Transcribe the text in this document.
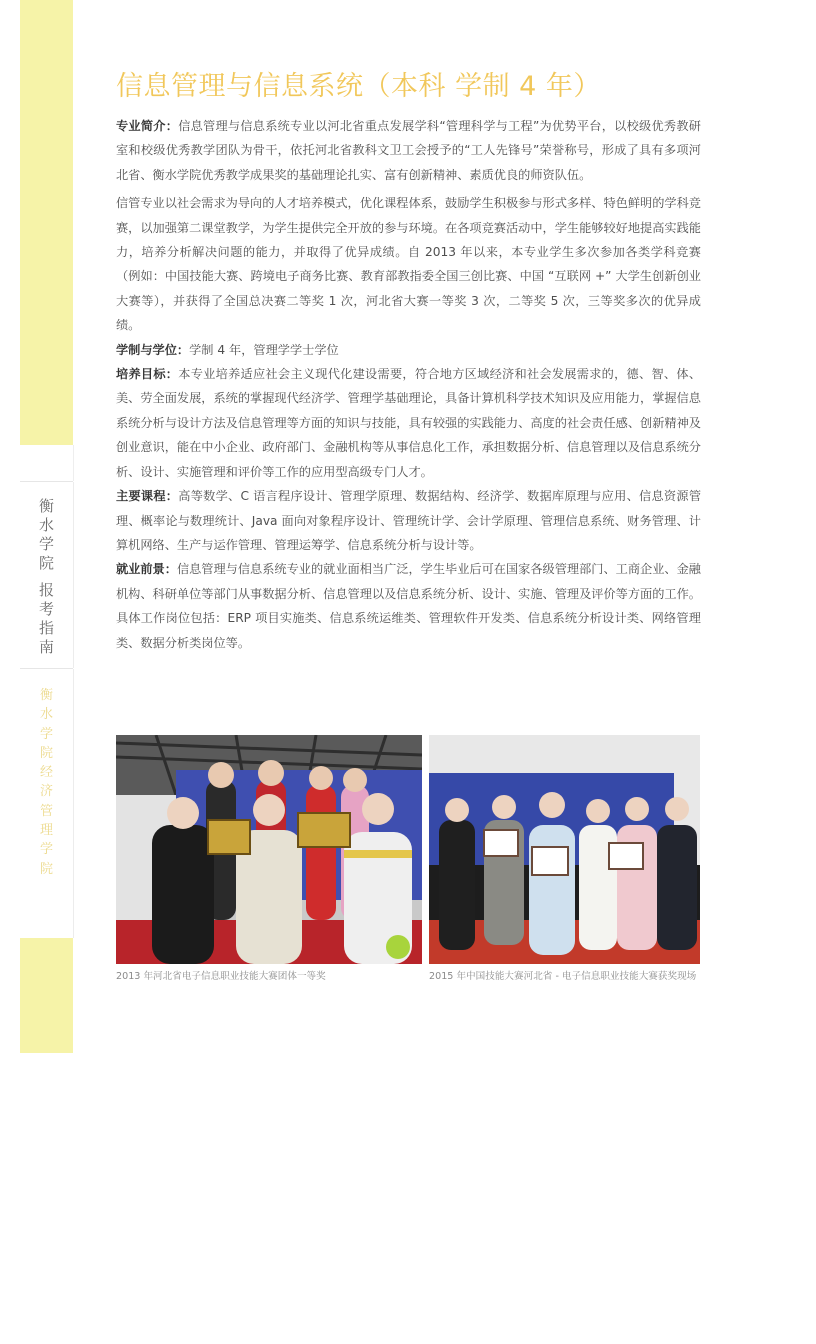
衡
水
学
院
报
考
指
南
衡
水
学
院
经
济
管
理
学
院
信息管理与信息系统（本科 学制 4 年）

专业简介：信息管理与信息系统专业以河北省重点发展学科“管理科学与工程”为优势平台，以校级优秀教研室和校级优秀教学团队为骨干，依托河北省教科文卫工会授予的“工人先锋号”荣誉称号，形成了具有多项河北省、衡水学院优秀教学成果奖的基础理论扎实、富有创新精神、素质优良的师资队伍。

信管专业以社会需求为导向的人才培养模式，优化课程体系，鼓励学生积极参与形式多样、特色鲜明的学科竞赛，以加强第二课堂教学，为学生提供完全开放的参与环境。在各项竞赛活动中，学生能够较好地提高实践能力，培养分析解决问题的能力，并取得了优异成绩。自 2013 年以来，本专业学生多次参加各类学科竞赛（例如：中国技能大赛、跨境电子商务比赛、教育部教指委全国三创比赛、中国 “互联网 +” 大学生创新创业大赛等），并获得了全国总决赛二等奖 1 次，河北省大赛一等奖 3 次，二等奖 5 次，三等奖多次的优异成绩。

学制与学位：学制 4 年，管理学学士学位

培养目标：本专业培养适应社会主义现代化建设需要，符合地方区域经济和社会发展需求的，德、智、体、美、劳全面发展，系统的掌握现代经济学、管理学基础理论，具备计算机科学技术知识及应用能力，掌握信息系统分析与设计方法及信息管理等方面的知识与技能，具有较强的实践能力、高度的社会责任感、创新精神及创业意识，能在中小企业、政府部门、金融机构等从事信息化工作，承担数据分析、信息管理以及信息系统分析、设计、实施管理和评价等工作的应用型高级专门人才。

主要课程：高等数学、C 语言程序设计、管理学原理、数据结构、经济学、数据库原理与应用、信息资源管理、概率论与数理统计、Java 面向对象程序设计、管理统计学、会计学原理、管理信息系统、财务管理、计算机网络、生产与运作管理、管理运筹学、信息系统分析与设计等。

就业前景：信息管理与信息系统专业的就业面相当广泛，学生毕业后可在国家各级管理部门、工商企业、金融机构、科研单位等部门从事数据分析、信息管理以及信息系统分析、设计、实施、管理及评价等方面的工作。具体工作岗位包括：ERP 项目实施类、信息系统运维类、管理软件开发类、信息系统分析设计类、网络管理类、数据分析类岗位等。

2013 年河北省电子信息职业技能大赛团体一等奖	2015 年中国技能大赛河北省 - 电子信息职业技能大赛获奖现场
